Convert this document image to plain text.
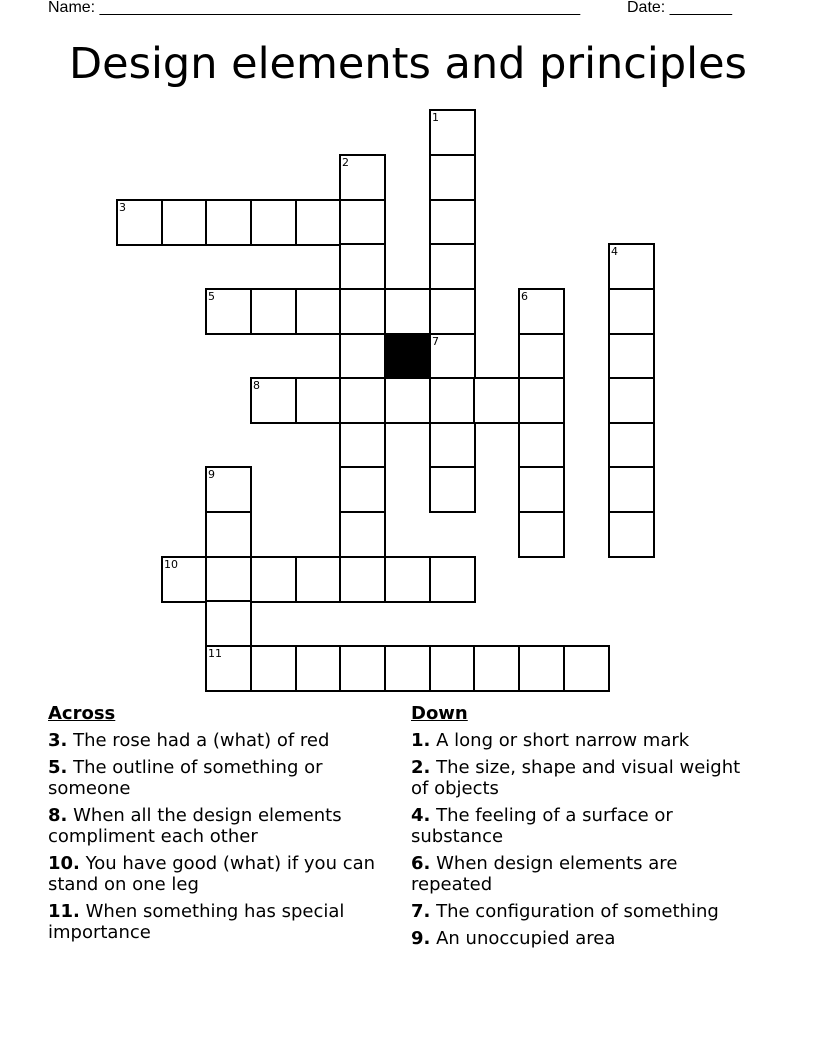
Name: ______________________________________________________	Date: _______
Design elements and principles
1
2
3
4
5	6
7
8
9
10
11
Across
3. The rose had a (what) of red
5. The outline of something or someone
8. When all the design elements compliment each other
10. You have good (what) if you can stand on one leg
11. When something has special importance
Down
1. A long or short narrow mark
2. The size, shape and visual weight of objects
4. The feeling of a surface or substance
6. When design elements are repeated
7. The configuration of something
9. An unoccupied area
